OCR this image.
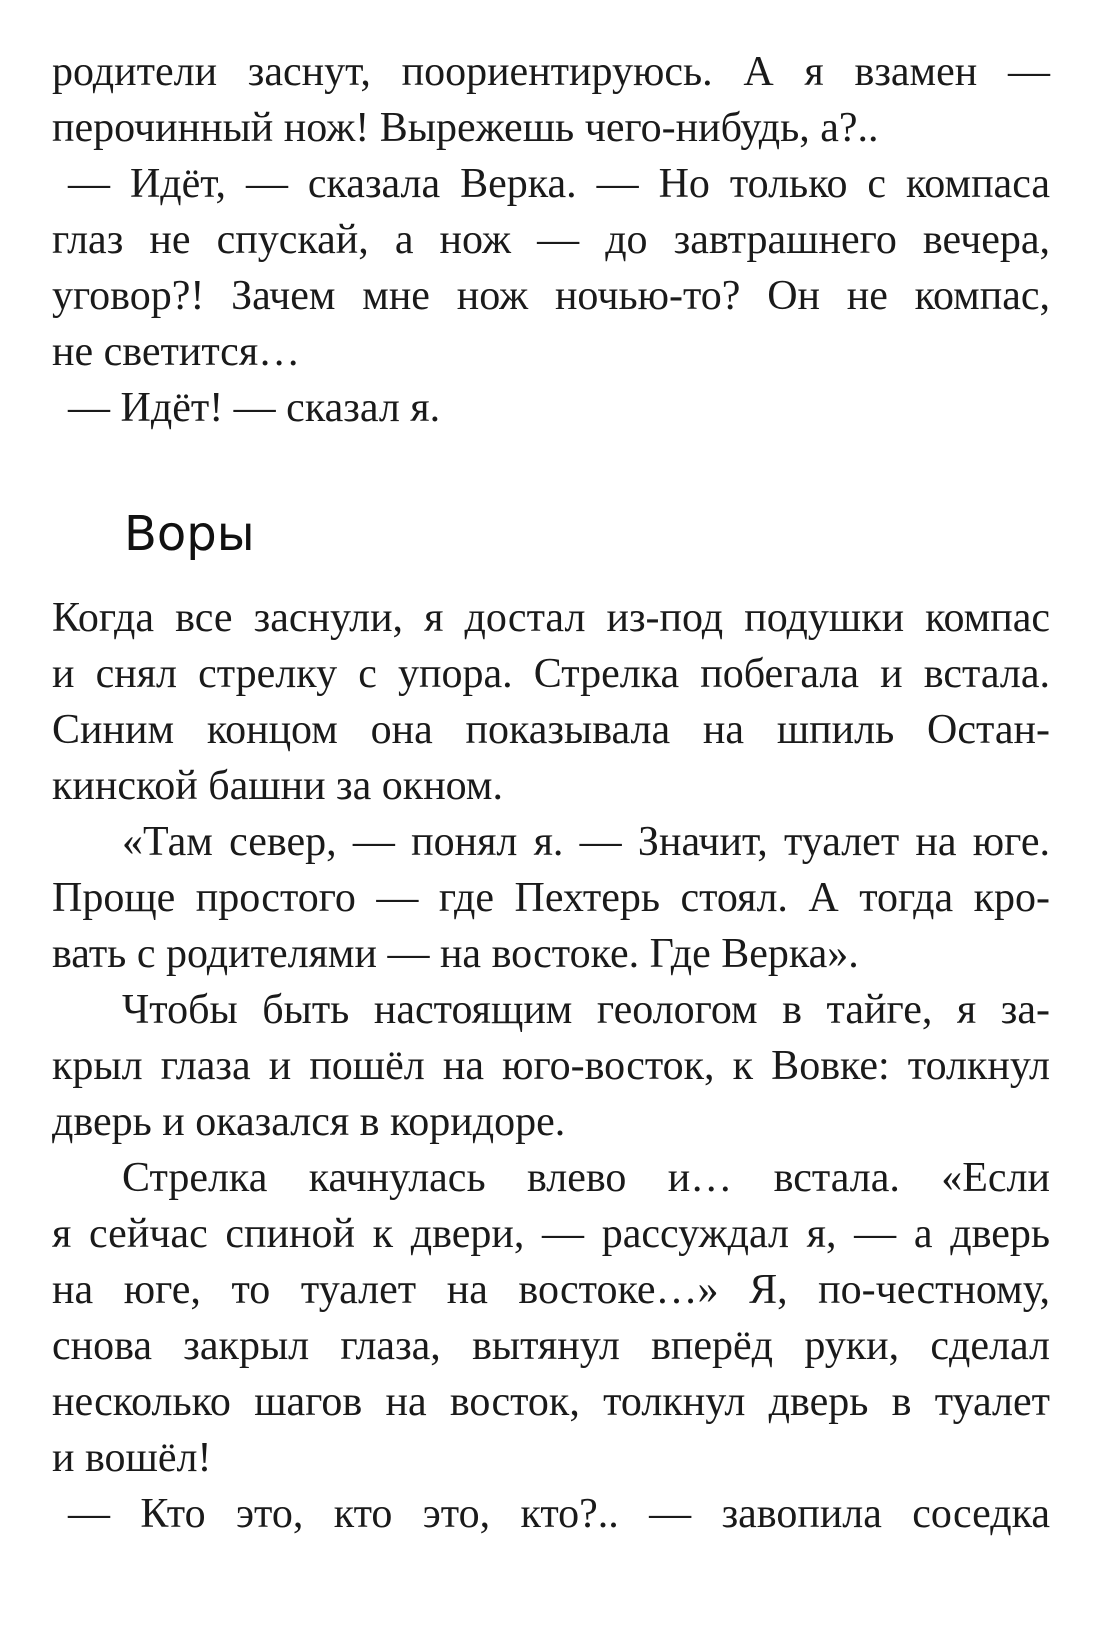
родители заснут, поориентируюсь. А я взамен —

перочинный нож! Вырежешь чего-нибудь, а?..

— Идёт, — сказала Верка. — Но только с компаса

глаз не спускай, а нож — до завтрашнего вечера,

уговор?! Зачем мне нож ночью-то? Он не компас,

не светится…

— Идёт! — сказал я.

Воры

Когда все заснули, я достал из-под подушки компас

и снял стрелку с упора. Стрелка побегала и встала.

Синим концом она показывала на шпиль Остан-

кинской башни за окном.

«Там север, — понял я. — Значит, туалет на юге.

Проще простого — где Пехтерь стоял. А тогда кро-

вать с родителями — на востоке. Где Верка».

Чтобы быть настоящим геологом в тайге, я за-

крыл глаза и пошёл на юго-восток, к Вовке: толкнул

дверь и оказался в коридоре.

Стрелка качнулась влево и… встала. «Если

я сейчас спиной к двери, — рассуждал я, — а дверь

на юге, то туалет на востоке…» Я, по-честному,

снова закрыл глаза, вытянул вперёд руки, сделал

несколько шагов на восток, толкнул дверь в туалет

и вошёл!

— Кто это, кто это, кто?.. — завопила соседка
